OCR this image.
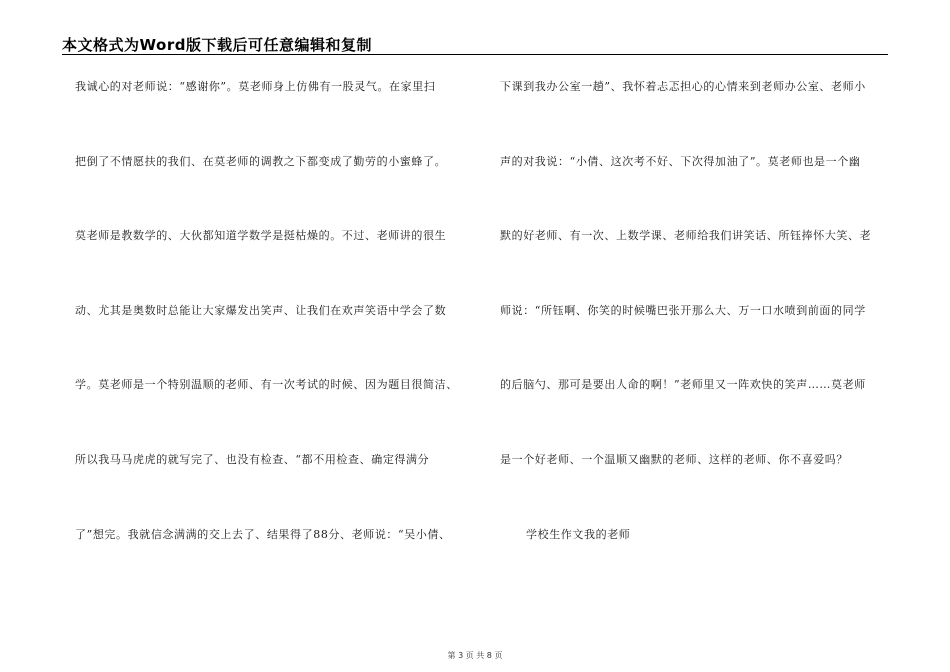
本文格式为Word版下载后可任意编辑和复制
我诚心的对老师说：“感谢你”。莫老师身上仿佛有一股灵气。在家里扫
把倒了不情愿扶的我们、在莫老师的调教之下都变成了勤劳的小蜜蜂了。
莫老师是教数学的、大伙都知道学数学是挺枯燥的。不过、老师讲的很生
动、尤其是奥数时总能让大家爆发出笑声、让我们在欢声笑语中学会了数
学。莫老师是一个特别温顺的老师、有一次考试的时候、因为题目很简洁、
所以我马马虎虎的就写完了、也没有检查、“都不用检查、确定得满分
了”想完。我就信念满满的交上去了、结果得了88分、老师说：“吴小倩、
下课到我办公室一趟”、我怀着忐忑担心的心情来到老师办公室、老师小
声的对我说：“小倩、这次考不好、下次得加油了”。莫老师也是一个幽
默的好老师、有一次、上数学课、老师给我们讲笑话、所钰捧怀大笑、老
师说：“所钰啊、你笑的时候嘴巴张开那么大、万一口水喷到前面的同学
的后脑勺、那可是要出人命的啊！”老师里又一阵欢快的笑声……莫老师
是一个好老师、一个温顺又幽默的老师、这样的老师、你不喜爱吗？
学校生作文我的老师
第 3 页 共 8 页
